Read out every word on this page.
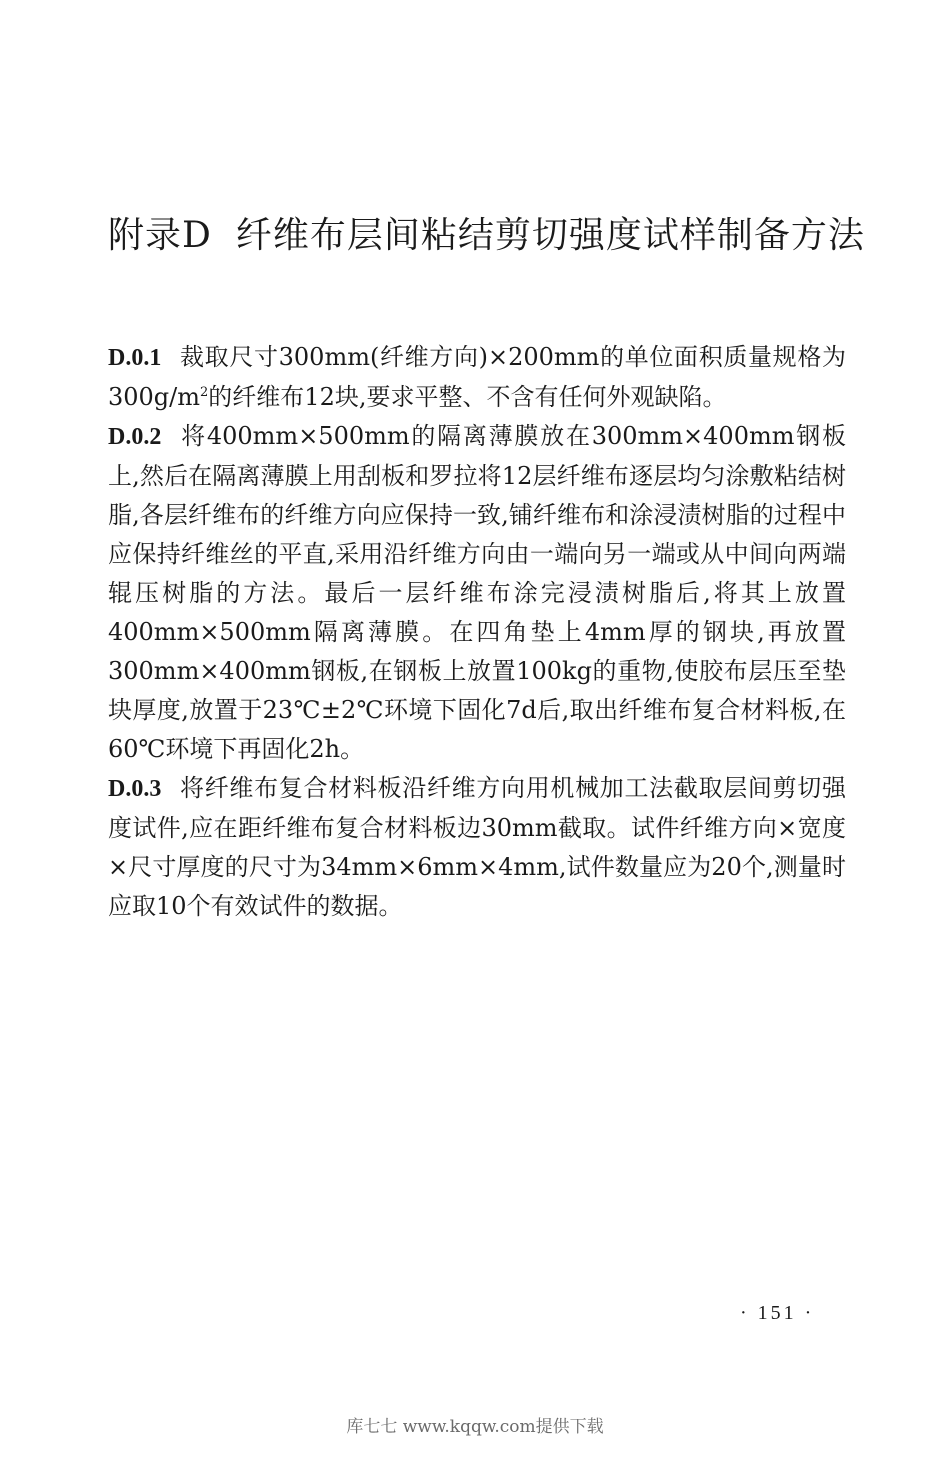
附录D 纤维布层间粘结剪切强度试样制备方法

D.0.1 裁取尺寸300mm(纤维方向)×200mm的单位面积质量规格为$300g/m^2$的纤维布12块,要求平整、不含有任何外观缺陷。

D.0.2 将400mm×500mm的隔离薄膜放在300mm×400mm钢板上,然后在隔离薄膜上用刮板和罗拉将12层纤维布逐层均匀涂敷粘结树脂,各层纤维布的纤维方向应保持一致,铺纤维布和涂浸渍树脂的过程中应保持纤维丝的平直,采用沿纤维方向由一端向另一端或从中间向两端辊压树脂的方法。最后一层纤维布涂完浸渍树脂后,将其上放置400mm×500mm隔离薄膜。在四角垫上4mm厚的钢块,再放置300mm×400mm钢板,在钢板上放置100kg的重物,使胶布层压至垫块厚度,放置于23℃±2℃环境下固化7d后,取出纤维布复合材料板,在60℃环境下再固化2h。

D.0.3 将纤维布复合材料板沿纤维方向用机械加工法截取层间剪切强度试件,应在距纤维布复合材料板边30mm截取。试件纤维方向×宽度×尺寸厚度的尺寸为34mm×6mm×4mm,试件数量应为20个,测量时应取10个有效试件的数据。

· 151 ·
库七七 www.kqqw.com提供下载
